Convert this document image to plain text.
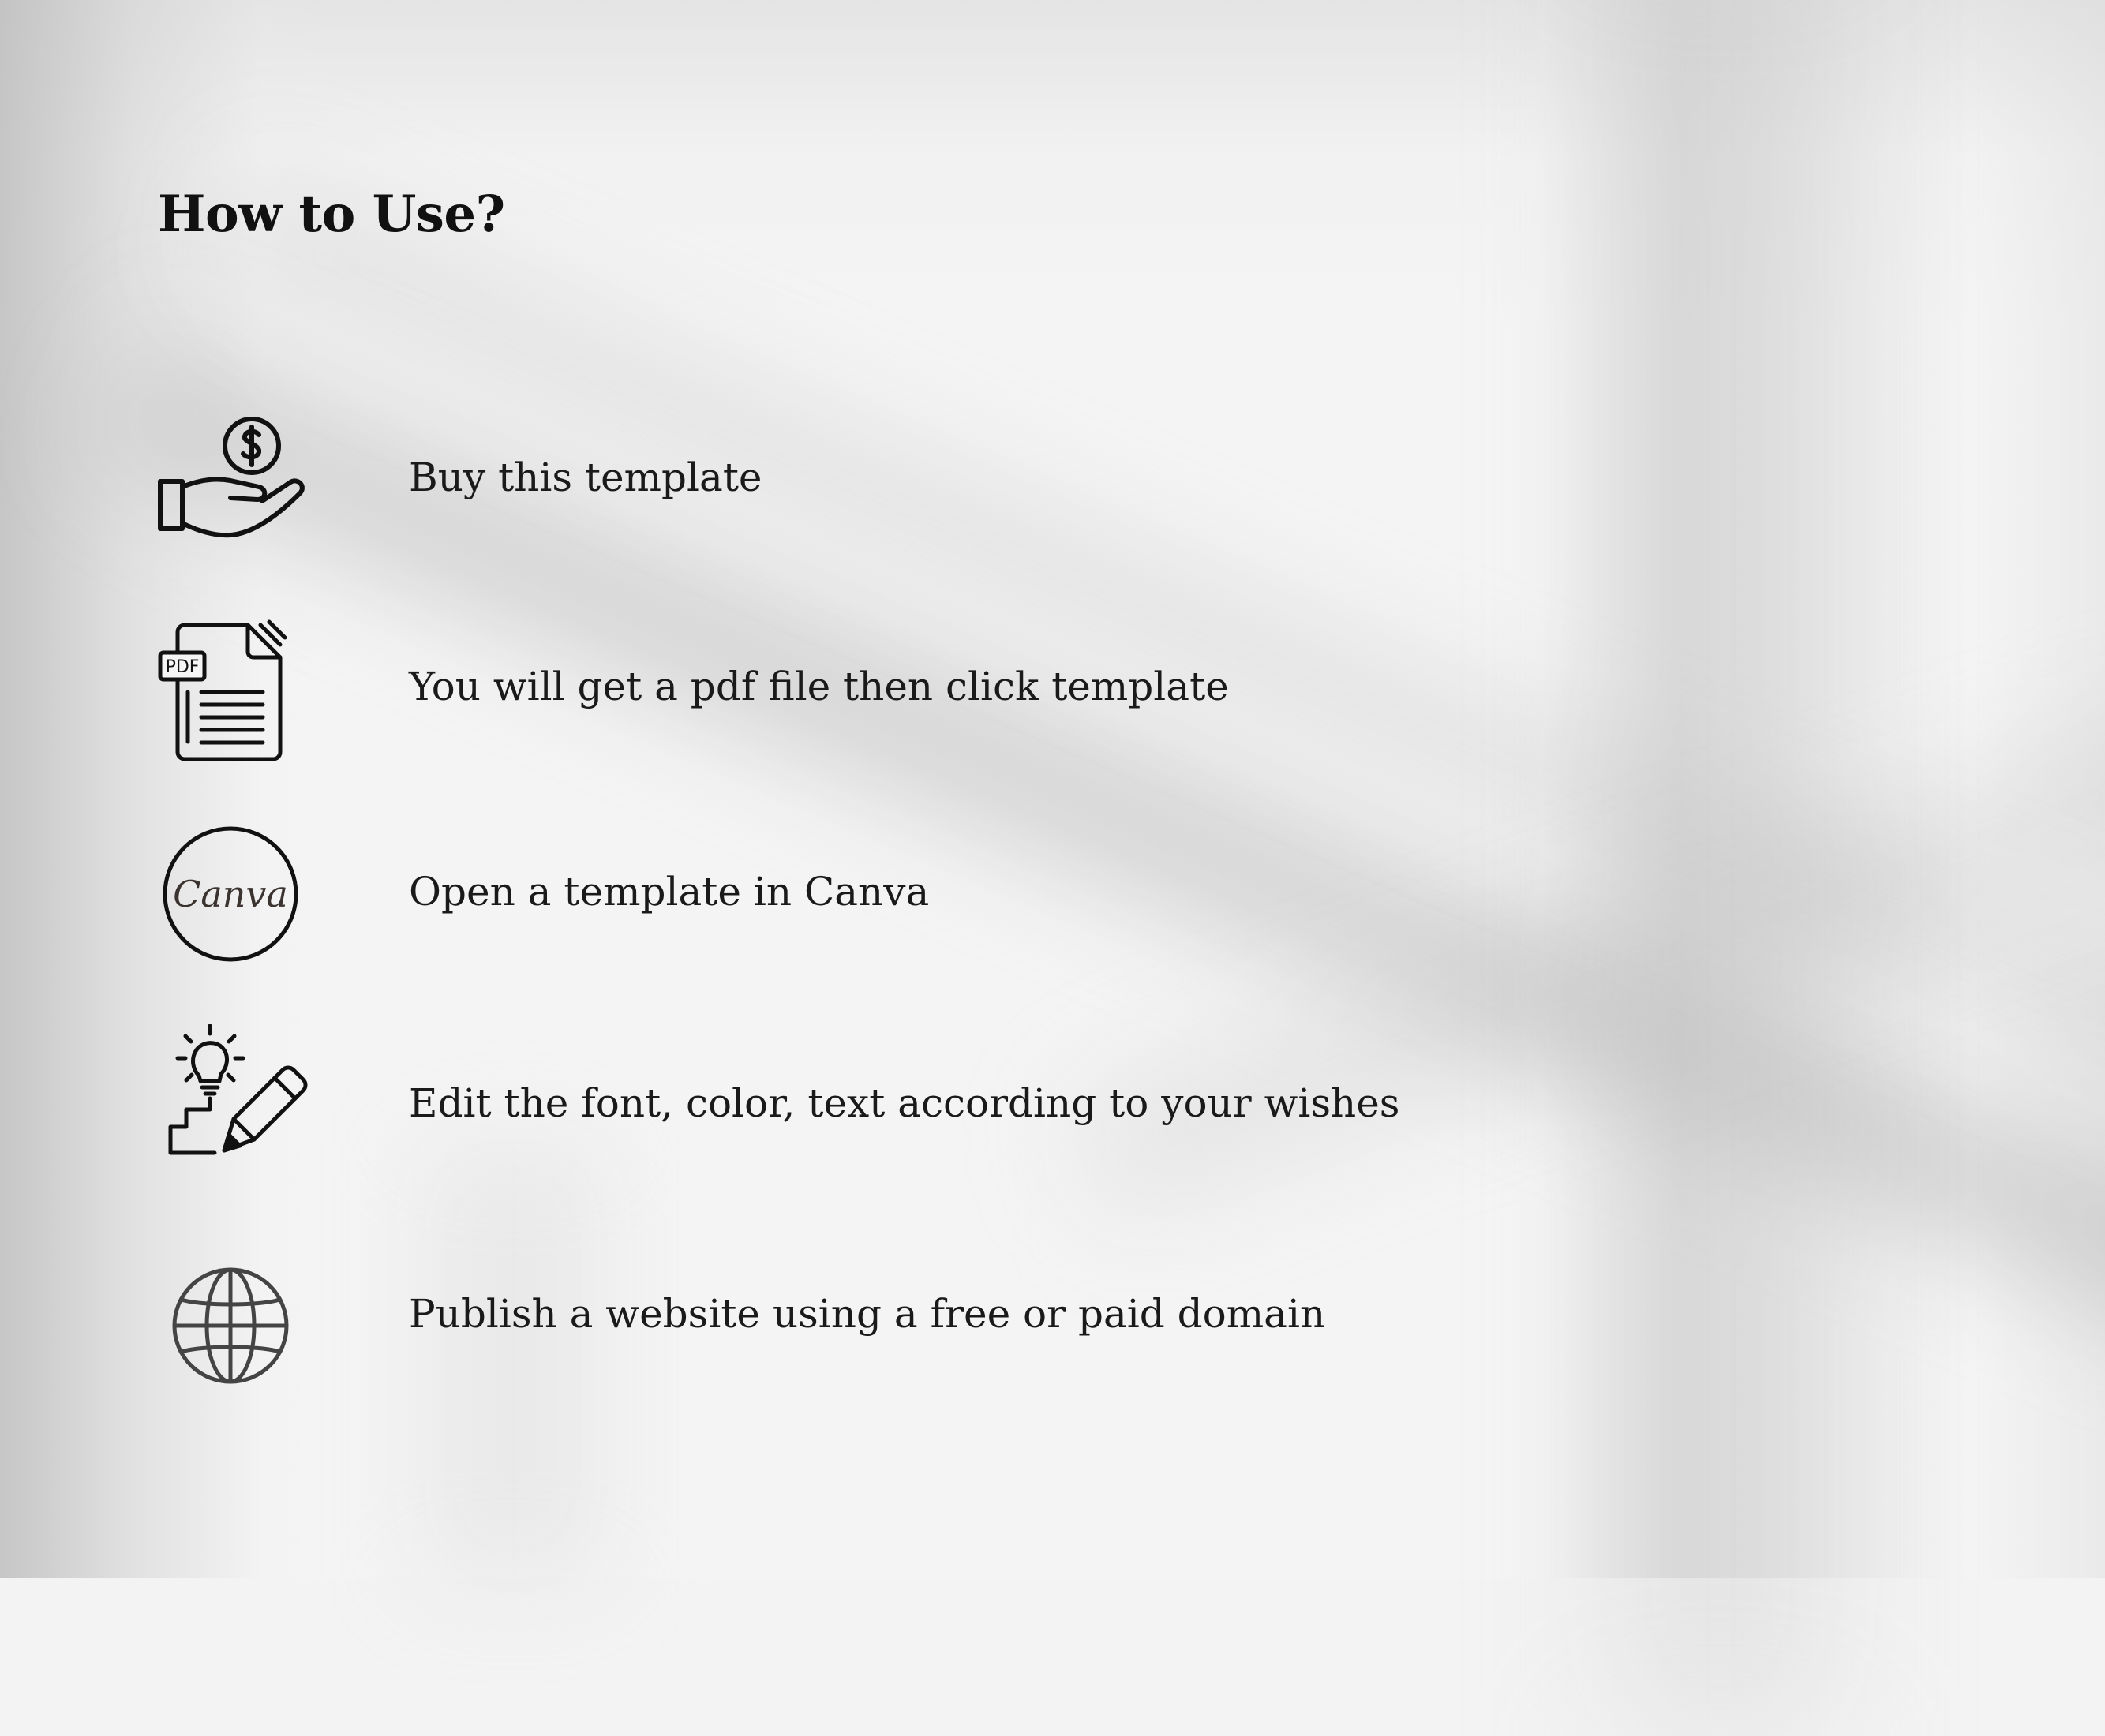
How to Use?
Buy this template
PDF	You will get a pdf file then click template
Canva	Open a template in Canva
Edit the font, color, text according to your wishes
Publish a website using a free or paid domain
